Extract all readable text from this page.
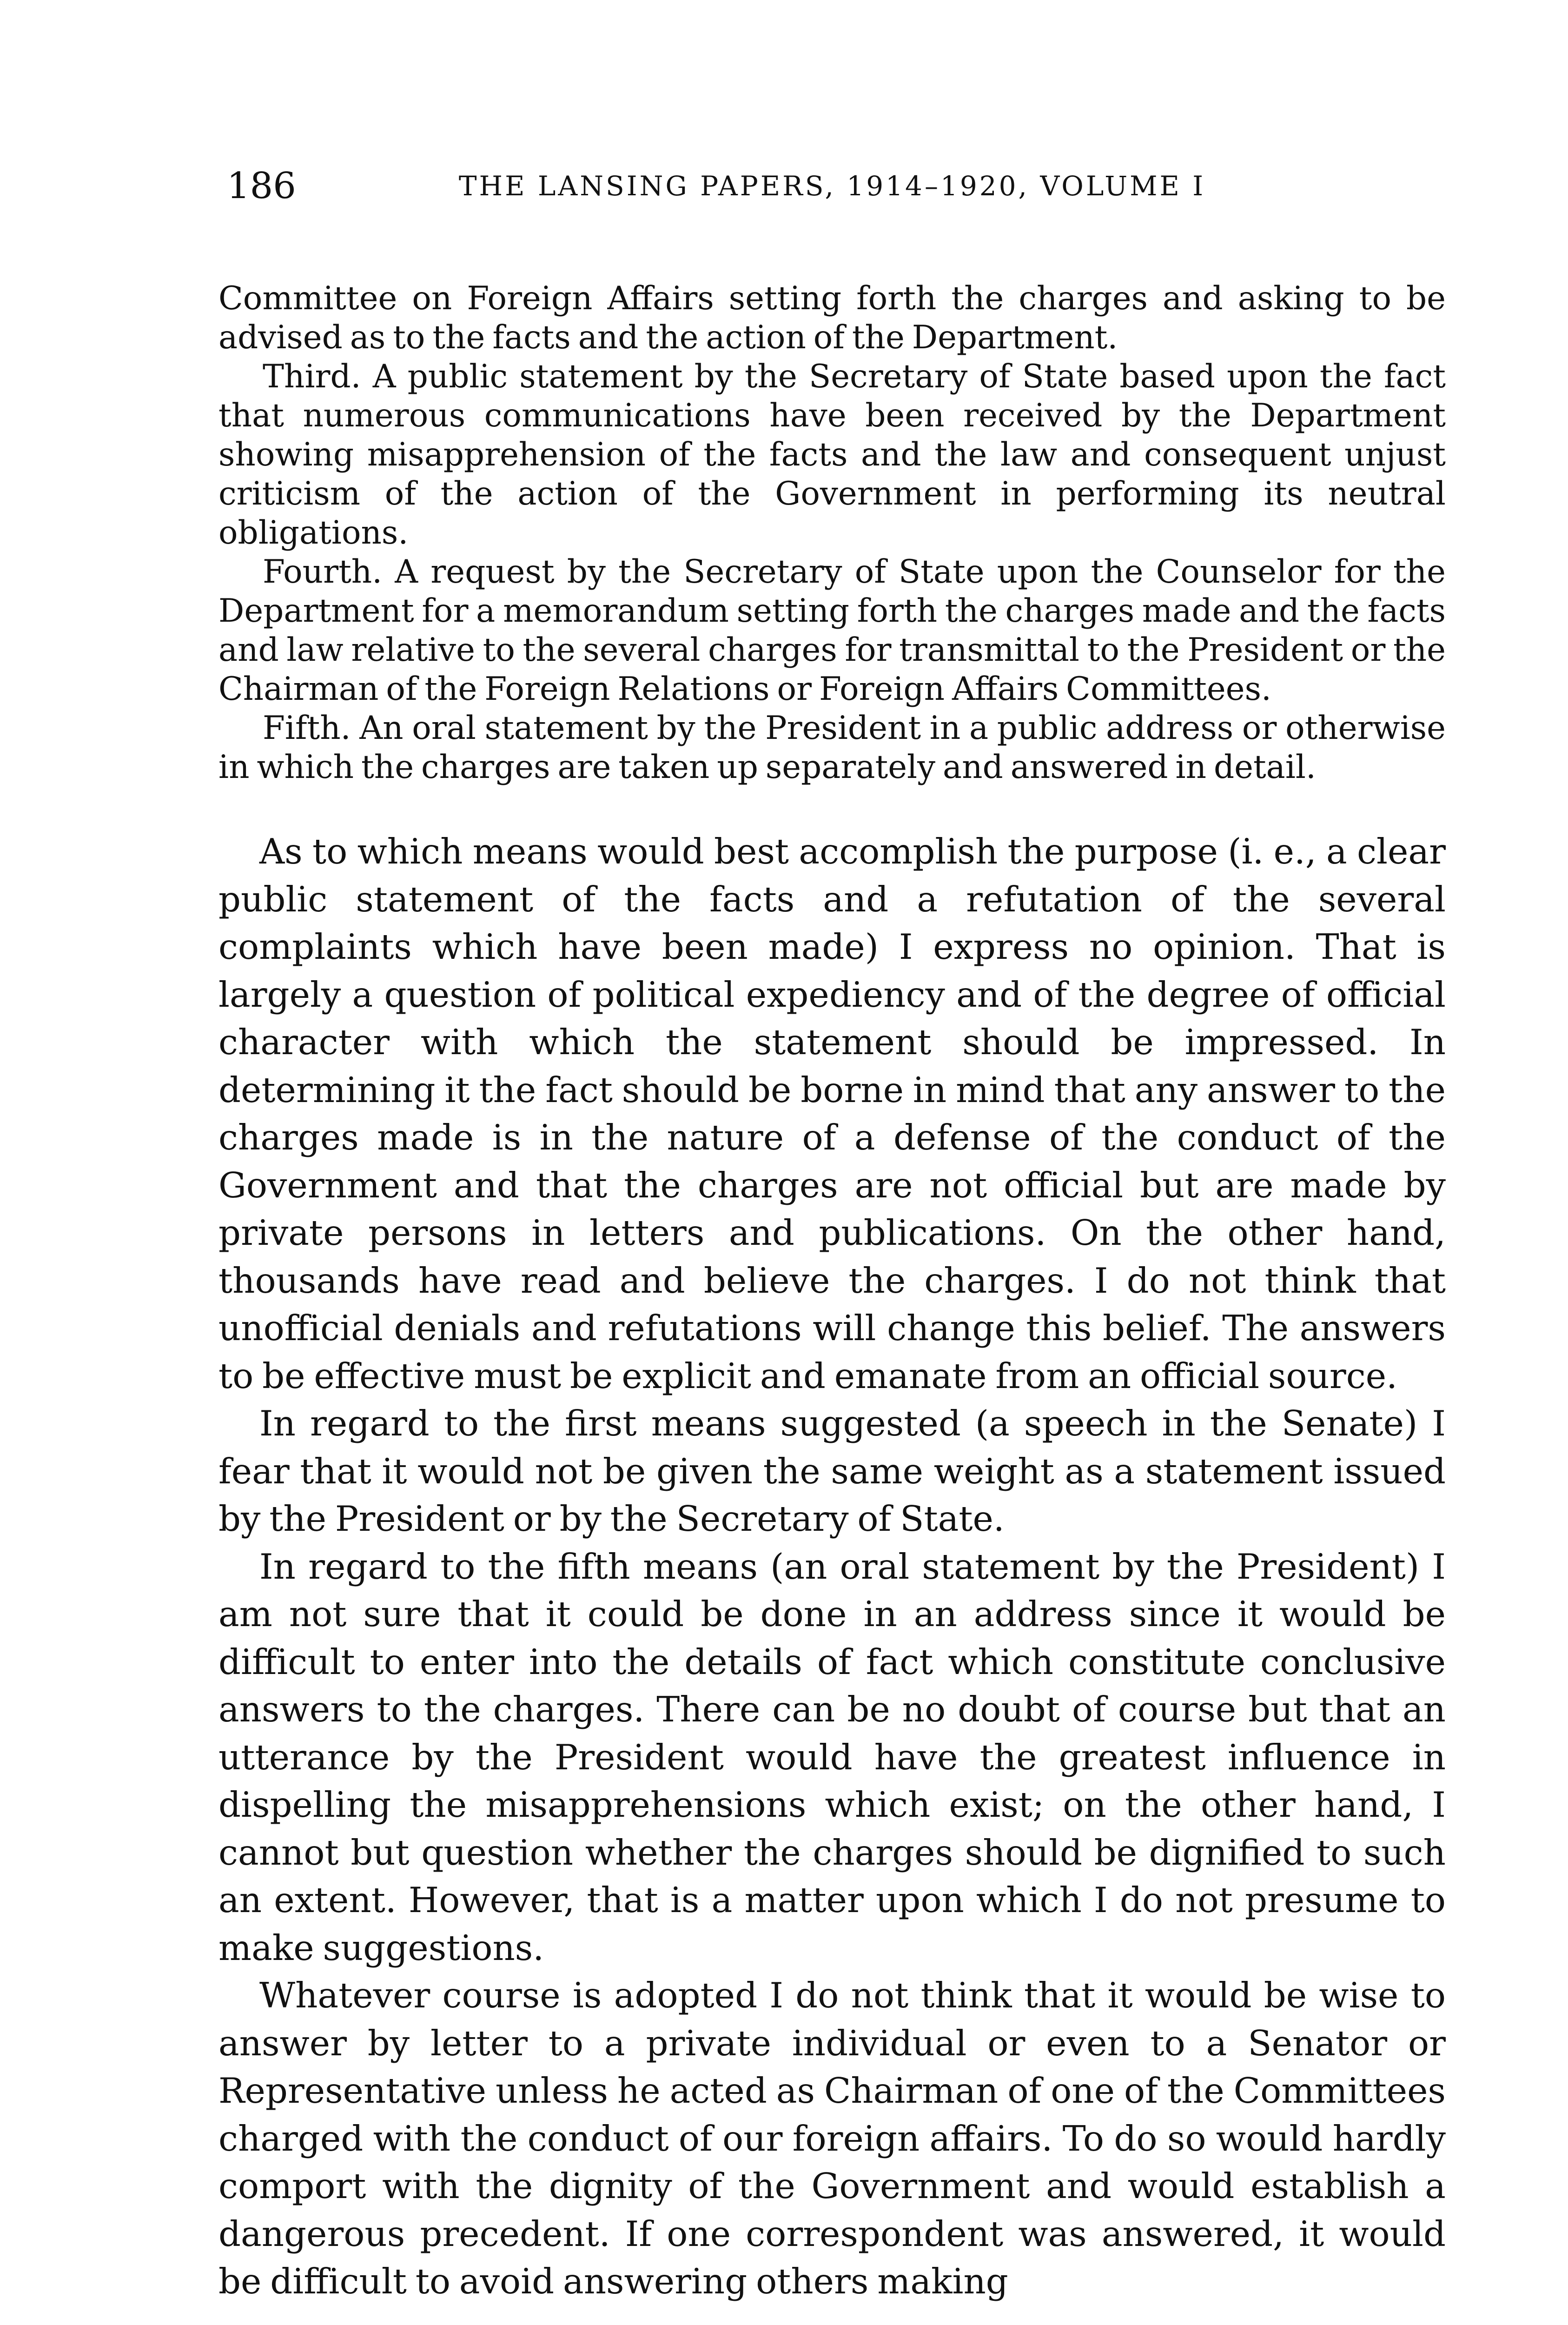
186	THE LANSING PAPERS, 1914–1920, VOLUME I

Committee on Foreign Affairs setting forth the charges and asking to be advised as to the facts and the action of the Department.

Third. A public statement by the Secretary of State based upon the fact that numerous communications have been received by the Department showing misapprehension of the facts and the law and consequent unjust criticism of the action of the Government in performing its neutral obligations.

Fourth. A request by the Secretary of State upon the Counselor for the Department for a memorandum setting forth the charges made and the facts and law relative to the several charges for transmittal to the President or the Chairman of the Foreign Relations or Foreign Affairs Committees.

Fifth. An oral statement by the President in a public address or otherwise in which the charges are taken up separately and answered in detail.

As to which means would best accomplish the purpose (i. e., a clear public statement of the facts and a refutation of the several complaints which have been made) I express no opinion. That is largely a question of political expediency and of the degree of official character with which the statement should be impressed. In determining it the fact should be borne in mind that any answer to the charges made is in the nature of a defense of the conduct of the Government and that the charges are not official but are made by private persons in letters and publications. On the other hand, thousands have read and believe the charges. I do not think that unofficial denials and refutations will change this belief. The answers to be effective must be explicit and emanate from an official source.

In regard to the first means suggested (a speech in the Senate) I fear that it would not be given the same weight as a statement issued by the President or by the Secretary of State.

In regard to the fifth means (an oral statement by the President) I am not sure that it could be done in an address since it would be difficult to enter into the details of fact which constitute conclusive answers to the charges. There can be no doubt of course but that an utterance by the President would have the greatest influence in dispelling the misapprehensions which exist; on the other hand, I cannot but question whether the charges should be dignified to such an extent. However, that is a matter upon which I do not presume to make suggestions.

Whatever course is adopted I do not think that it would be wise to answer by letter to a private individual or even to a Senator or Representative unless he acted as Chairman of one of the Committees charged with the conduct of our foreign affairs. To do so would hardly comport with the dignity of the Government and would establish a dangerous precedent. If one correspondent was answered, it would be difficult to avoid answering others making
